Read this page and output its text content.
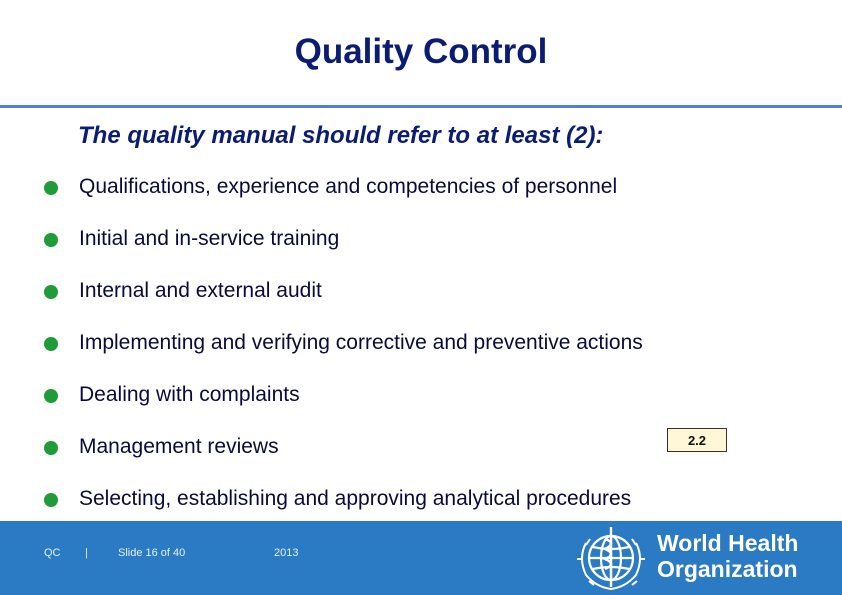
Quality Control
The quality manual should refer to at least (2):
Qualifications, experience and competencies of personnel
Initial and in-service training
Internal and external audit
Implementing and verifying corrective and preventive actions
Dealing with complaints
Management reviews
Selecting, establishing and approving analytical procedures
2.2
QC |	Slide 16 of 40	2013	World Health
Organization
